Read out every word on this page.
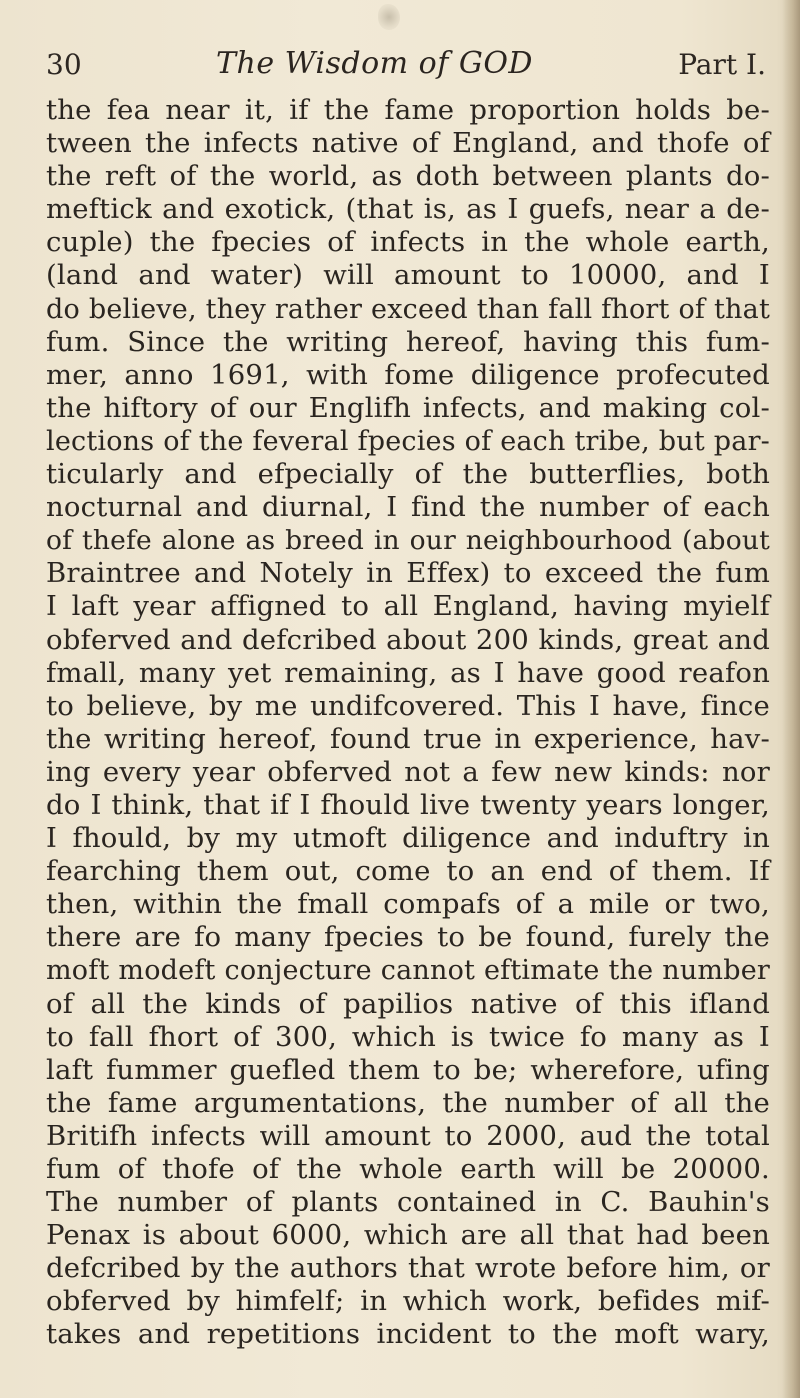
30	The Wisdom of GOD	Part I.
the fea near it, if the fame proportion holds be-
tween the infects native of England, and thofe of
the reft of the world, as doth between plants do-
meftick and exotick, (that is, as I guefs, near a de-
cuple) the fpecies of infects in the whole earth,
(land and water) will amount to 10000, and I
do believe, they rather exceed than fall fhort of that
fum. Since the writing hereof, having this fum-
mer, anno 1691, with fome diligence profecuted
the hiftory of our Englifh infects, and making col-
lections of the feveral fpecies of each tribe, but par-
ticularly and efpecially of the butterflies, both
nocturnal and diurnal, I find the number of each
of thefe alone as breed in our neighbourhood (about
Braintree and Notely in Effex) to exceed the fum
I laft year affigned to all England, having myielf
obferved and defcribed about 200 kinds, great and
fmall, many yet remaining, as I have good reafon
to believe, by me undifcovered. This I have, fince
the writing hereof, found true in experience, hav-
ing every year obferved not a few new kinds: nor
do I think, that if I fhould live twenty years longer,
I fhould, by my utmoft diligence and induftry in
fearching them out, come to an end of them. If
then, within the fmall compafs of a mile or two,
there are fo many fpecies to be found, furely the
moft modeft conjecture cannot eftimate the number
of all the kinds of papilios native of this ifland
to fall fhort of 300, which is twice fo many as I
laft fummer guefled them to be; wherefore, ufing
the fame argumentations, the number of all the
Britifh infects will amount to 2000, aud the total
fum of thofe of the whole earth will be 20000.
The number of plants contained in C. Bauhin's
Penax is about 6000, which are all that had been
defcribed by the authors that wrote before him, or
obferved by himfelf; in which work, befides mif-
takes and repetitions incident to the moft wary,
